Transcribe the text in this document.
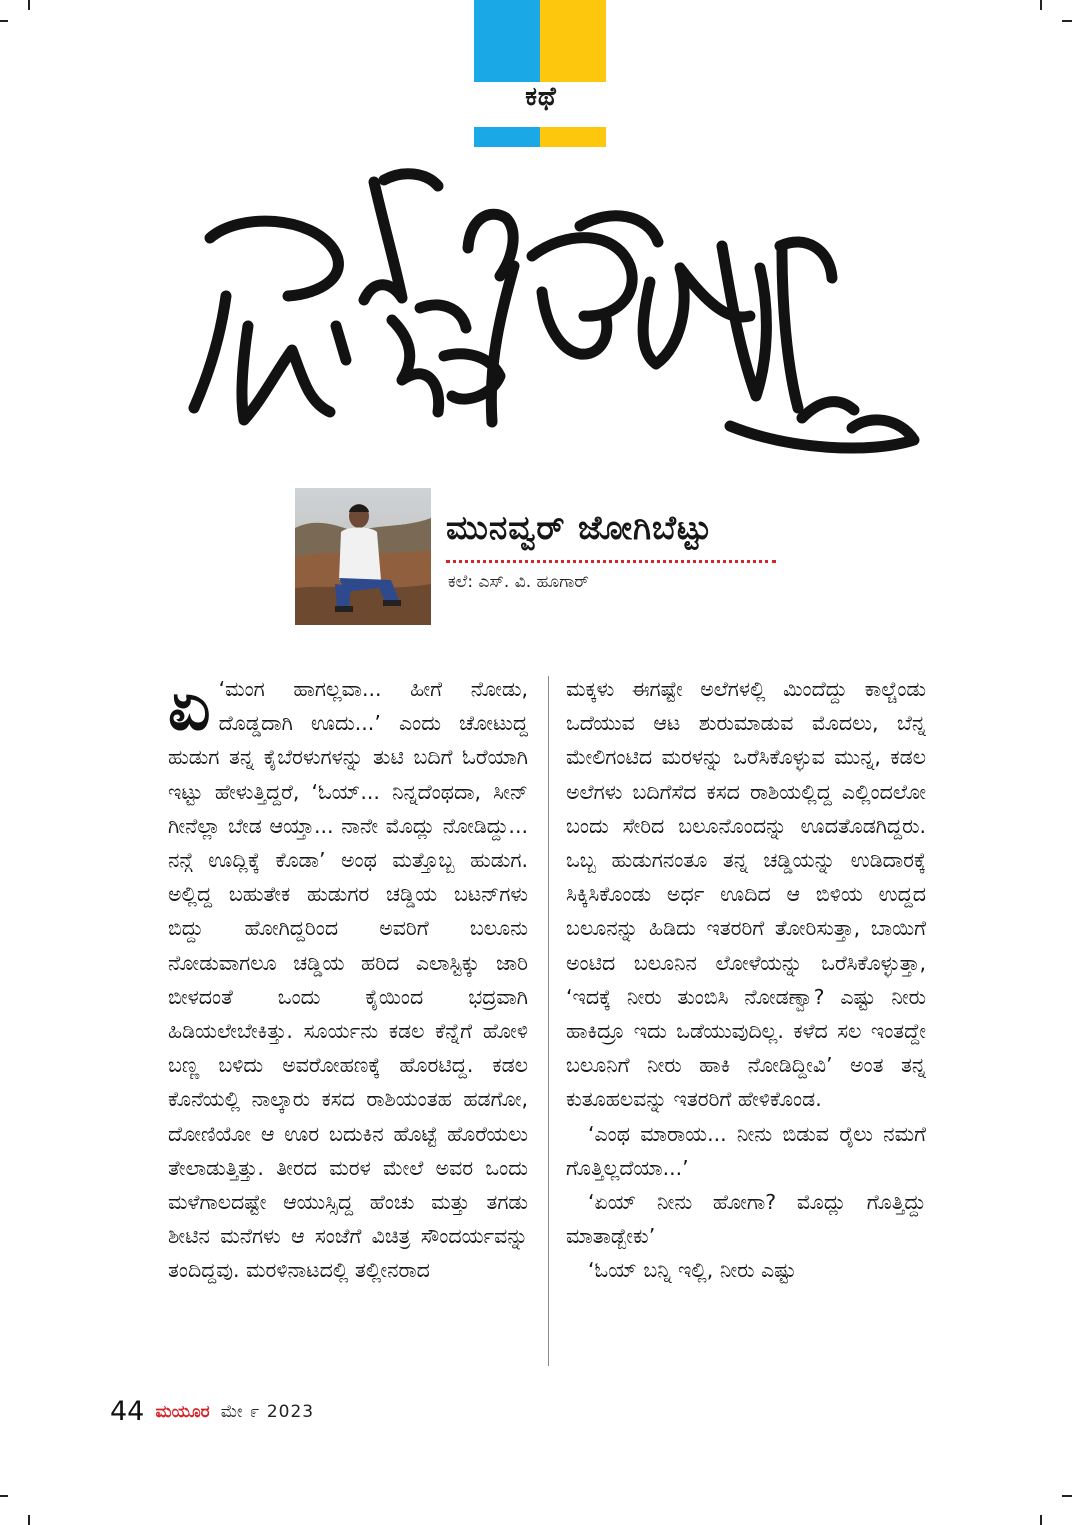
ಕಥೆ
ಮುನವ್ವರ್ ಜೋಗಿಬೆಟ್ಟು
ಕಲೆ: ಎಸ್. ವಿ. ಹೂಗಾರ್
ಏ ‘ಮಂಗ ಹಾಗಲ್ಲವಾ... ಹೀಗೆ ನೋಡು, ದೊಡ್ಡದಾಗಿ ಊದು...’ ಎಂದು ಚೋಟುದ್ದ ಹುಡುಗ ತನ್ನ ಕೈಬೆರಳುಗಳನ್ನು ತುಟಿ ಬದಿಗೆ ಓರೆಯಾಗಿ ಇಟ್ಟು ಹೇಳುತ್ತಿದ್ದರೆ, ‘ಓಯ್... ನಿನ್ನದೆಂಥದಾ, ಸೀನ್ ಗೀನೆಲ್ಲಾ ಬೇಡ ಆಯ್ತಾ... ನಾನೇ ಮೊದ್ಲು ನೋಡಿದ್ದು... ನನ್ಗೆ ಊದ್ಲಿಕ್ಕೆ ಕೊಡಾ’ ಅಂಥ ಮತ್ತೊಬ್ಬ ಹುಡುಗ. ಅಲ್ಲಿದ್ದ ಬಹುತೇಕ ಹುಡುಗರ ಚಡ್ಡಿಯ ಬಟನ್‌ಗಳು ಬಿದ್ದು ಹೋಗಿದ್ದರಿಂದ ಅವರಿಗೆ ಬಲೂನು ನೋಡುವಾಗಲೂ ಚಡ್ಡಿಯ ಹರಿದ ಎಲಾಸ್ಟಿಕ್ಕು ಜಾರಿ ಬೀಳದಂತೆ ಒಂದು ಕೈಯಿಂದ ಭದ್ರವಾಗಿ ಹಿಡಿಯಲೇಬೇಕಿತ್ತು. ಸೂರ್ಯನು ಕಡಲ ಕೆನ್ನೆಗೆ ಹೋಳಿ ಬಣ್ಣ ಬಳಿದು ಅವರೋಹಣಕ್ಕೆ ಹೊರಟಿದ್ದ. ಕಡಲ ಕೊನೆಯಲ್ಲಿ ನಾಲ್ಕಾರು ಕಸದ ರಾಶಿಯಂತಹ ಹಡಗೋ, ದೋಣಿಯೋ ಆ ಊರ ಬದುಕಿನ ಹೊಟ್ಟೆ ಹೊರೆಯಲು ತೇಲಾಡುತ್ತಿತ್ತು. ತೀರದ ಮರಳ ಮೇಲೆ ಅವರ ಒಂದು ಮಳೆಗಾಲದಷ್ಟೇ ಆಯುಸ್ಸಿದ್ದ ಹೆಂಚು ಮತ್ತು ತಗಡು ಶೀಟಿನ ಮನೆಗಳು ಆ ಸಂಜೆಗೆ ವಿಚಿತ್ರ ಸೌಂದರ್ಯವನ್ನು ತಂದಿದ್ದವು. ಮರಳಿನಾಟದಲ್ಲಿ ತಲ್ಲೀನರಾದ

ಮಕ್ಕಳು ಈಗಷ್ಟೇ ಅಲೆಗಳಲ್ಲಿ ಮಿಂದೆದ್ದು ಕಾಲ್ಚೆಂಡು ಒದೆಯುವ ಆಟ ಶುರುಮಾಡುವ ಮೊದಲು, ಬೆನ್ನ ಮೇಲಿಗಂಟಿದ ಮರಳನ್ನು ಒರೆಸಿಕೊಳ್ಳುವ ಮುನ್ನ, ಕಡಲ ಅಲೆಗಳು ಬದಿಗೆಸೆದ ಕಸದ ರಾಶಿಯಲ್ಲಿದ್ದ ಎಲ್ಲಿಂದಲೋ ಬಂದು ಸೇರಿದ ಬಲೂನೊಂದನ್ನು ಊದತೊಡಗಿದ್ದರು. ಒಬ್ಬ ಹುಡುಗನಂತೂ ತನ್ನ ಚಡ್ಡಿಯನ್ನು ಉಡಿದಾರಕ್ಕೆ ಸಿಕ್ಕಿಸಿಕೊಂಡು ಅರ್ಧ ಊದಿದ ಆ ಬಿಳಿಯ ಉದ್ದದ ಬಲೂನನ್ನು ಹಿಡಿದು ಇತರರಿಗೆ ತೋರಿಸುತ್ತಾ, ಬಾಯಿಗೆ ಅಂಟಿದ ಬಲೂನಿನ ಲೋಳೆಯನ್ನು ಒರೆಸಿಕೊಳ್ಳುತ್ತಾ, ‘ಇದಕ್ಕೆ ನೀರು ತುಂಬಿಸಿ ನೋಡಣ್ವಾ? ಎಷ್ಟು ನೀರು ಹಾಕಿದ್ರೂ ಇದು ಒಡೆಯುವುದಿಲ್ಲ. ಕಳೆದ ಸಲ ಇಂತದ್ದೇ ಬಲೂನಿಗೆ ನೀರು ಹಾಕಿ ನೋಡಿದ್ದೀವಿ’ ಅಂತ ತನ್ನ ಕುತೂಹಲವನ್ನು ಇತರರಿಗೆ ಹೇಳಿಕೊಂಡ.

‘ಎಂಥ ಮಾರಾಯ... ನೀನು ಬಿಡುವ ರೈಲು ನಮಗೆ ಗೊತ್ತಿಲ್ಲದೆಯಾ...’

‘ಏಯ್ ನೀನು ಹೋಗಾ? ಮೊದ್ಲು ಗೊತ್ತಿದ್ದು ಮಾತಾಡ್ಬೇಕು’

‘ಓಯ್ ಬನ್ನಿ ಇಲ್ಲಿ, ನೀರು ಎಷ್ಟು

44 ಮಯೂರ ಮೇ ೯ 2023
